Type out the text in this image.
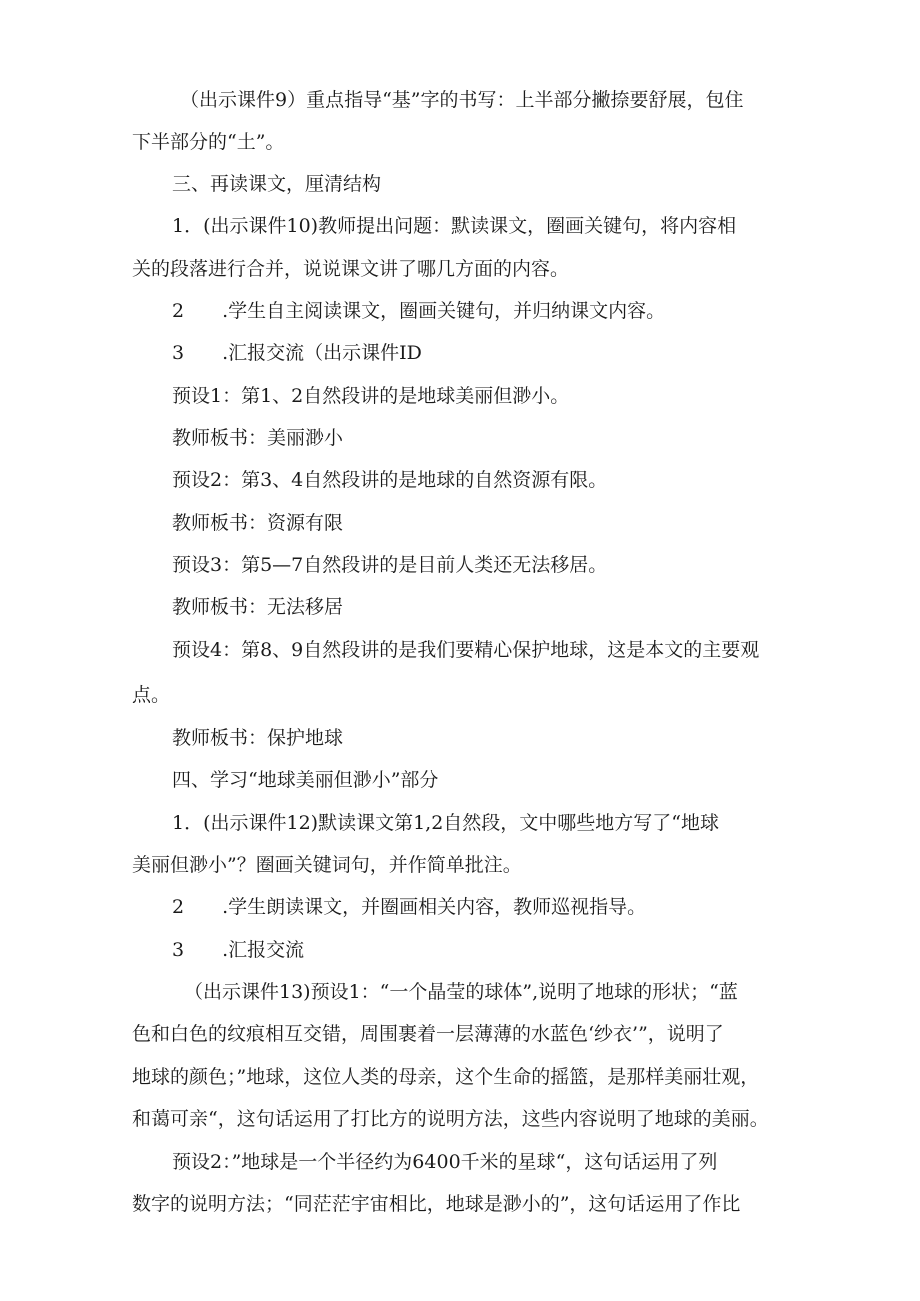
（出示课件9）重点指导“基”字的书写：上半部分撇捺要舒展，包住
下半部分的“土”。
三、再读课文，厘清结构
1．(出示课件10)教师提出问题：默读课文，圈画关键句，将内容相
关的段落进行合并，说说课文讲了哪几方面的内容。
2　　.学生自主阅读课文，圈画关键句，并归纳课文内容。
3　　.汇报交流（出示课件ID
预设1：第1、2自然段讲的是地球美丽但渺小。
教师板书：美丽渺小
预设2：第3、4自然段讲的是地球的自然资源有限。
教师板书：资源有限
预设3：第5—7自然段讲的是目前人类还无法移居。
教师板书：无法移居
预设4：第8、9自然段讲的是我们要精心保护地球，这是本文的主要观
点。
教师板书：保护地球
四、学习“地球美丽但渺小”部分
1．(出示课件12)默读课文第1,2自然段，文中哪些地方写了“地球
美丽但渺小”？圈画关键词句，并作简单批注。
2　　.学生朗读课文，并圈画相关内容，教师巡视指导。
3　　.汇报交流
（出示课件13)预设1：“一个晶莹的球体”,说明了地球的形状；“蓝
色和白色的纹痕相互交错，周围裹着一层薄薄的水蓝色‘纱衣’”，说明了
地球的颜色；”地球，这位人类的母亲，这个生命的摇篮，是那样美丽壮观，
和蔼可亲“，这句话运用了打比方的说明方法，这些内容说明了地球的美丽。
预设2：”地球是一个半径约为6400千米的星球“，这句话运用了列
数字的说明方法；“同茫茫宇宙相比，地球是渺小的”，这句话运用了作比
